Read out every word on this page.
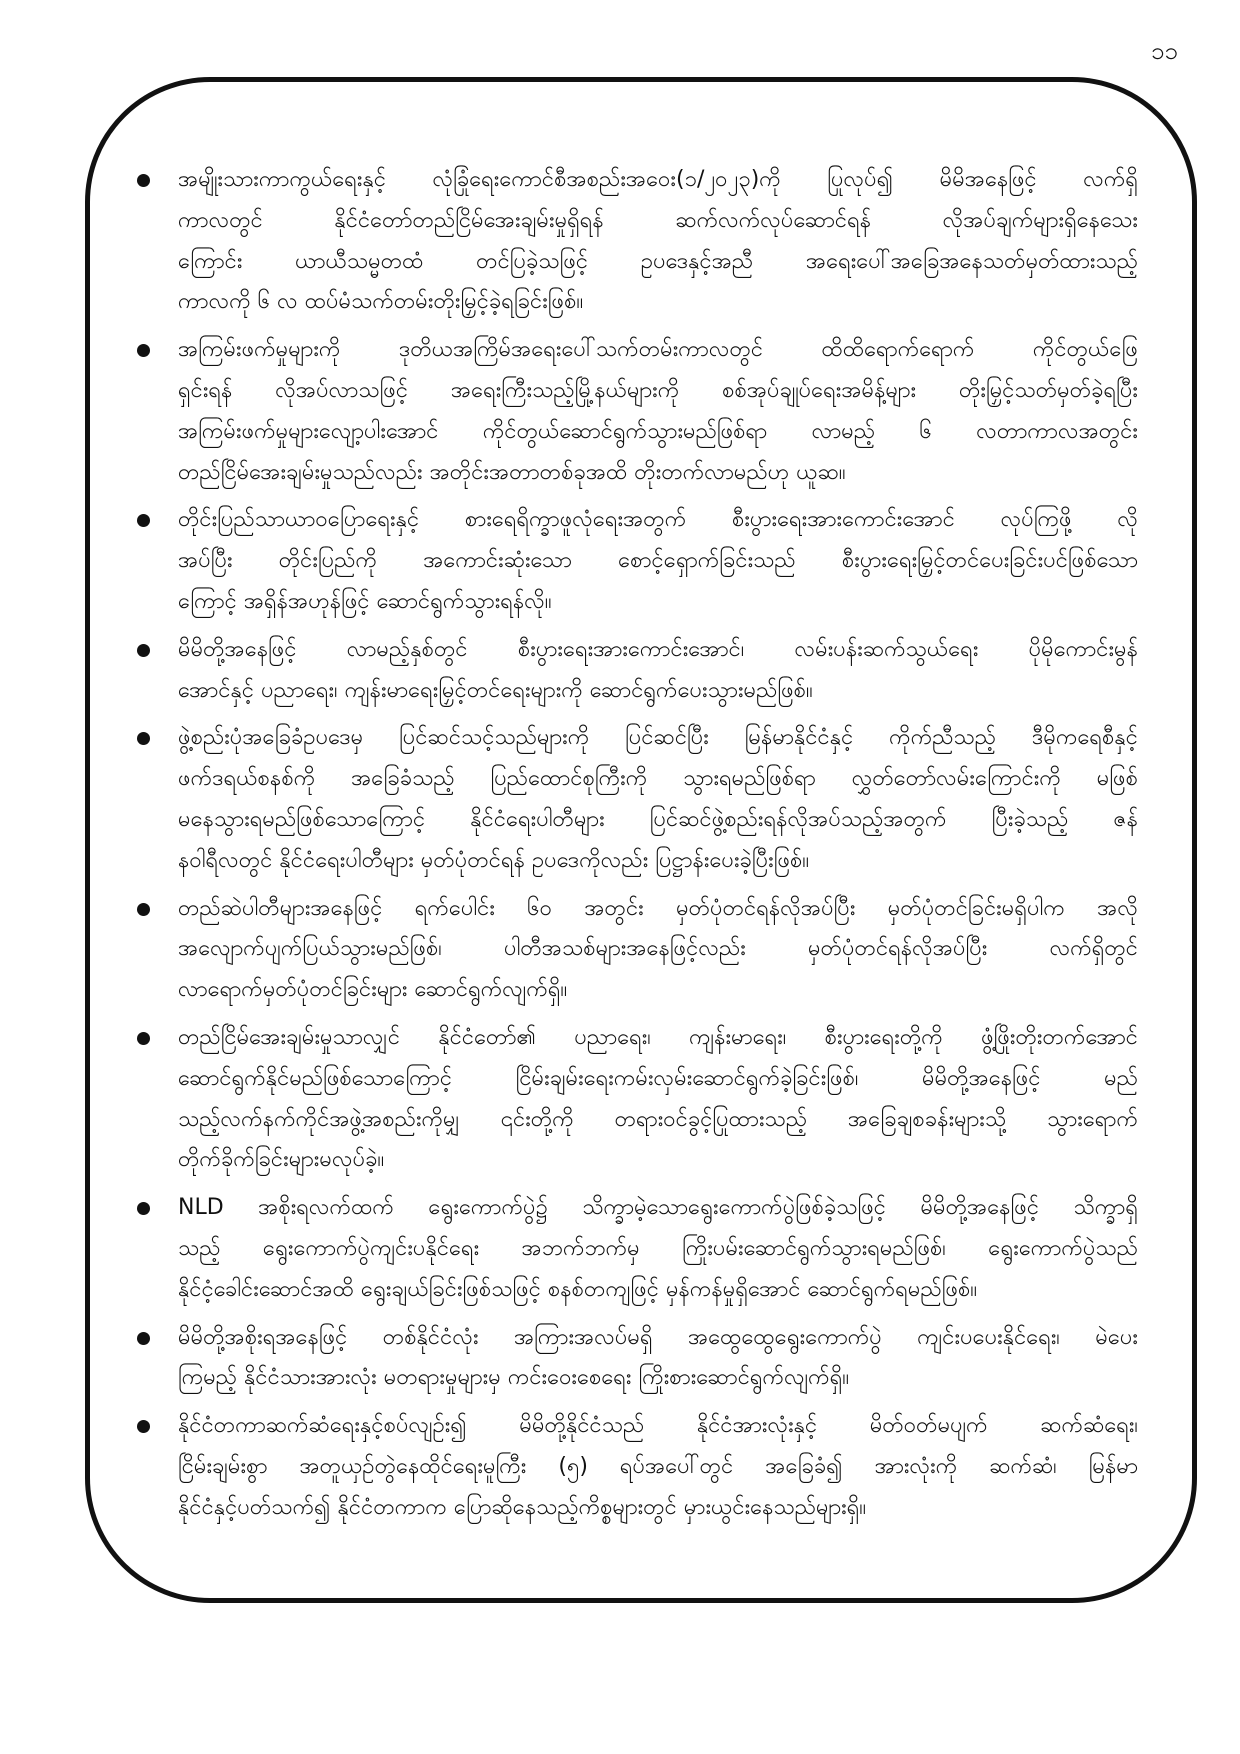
၁၁
အမျိုးသားကာကွယ်ရေးနှင့် လုံခြုံရေးကောင်စီအစည်းအဝေး(၁/၂၀၂၃)ကို ပြုလုပ်၍ မိမိအနေဖြင့် လက်ရှိ
ကာလတွင် နိုင်ငံတော်တည်ငြိမ်အေးချမ်းမှုရှိရန် ဆက်လက်လုပ်ဆောင်ရန် လိုအပ်ချက်များရှိနေသေး
ကြောင်း ယာယီသမ္မတထံ တင်ပြခဲ့သဖြင့် ဥပဒေနှင့်အညီ အရေးပေါ်အခြေအနေသတ်မှတ်ထားသည့်
ကာလကို ၆ လ ထပ်မံသက်တမ်းတိုးမြှင့်ခဲ့ရခြင်းဖြစ်။
အကြမ်းဖက်မှုများကို ဒုတိယအကြိမ်အရေးပေါ်သက်တမ်းကာလတွင် ထိထိရောက်ရောက် ကိုင်တွယ်ဖြေ
ရှင်းရန် လိုအပ်လာသဖြင့် အရေးကြီးသည့်မြို့နယ်များကို စစ်အုပ်ချုပ်ရေးအမိန့်များ တိုးမြှင့်သတ်မှတ်ခဲ့ရပြီး
အကြမ်းဖက်မှုများလျော့ပါးအောင် ကိုင်တွယ်ဆောင်ရွက်သွားမည်ဖြစ်ရာ လာမည့် ၆ လတာကာလအတွင်း
တည်ငြိမ်အေးချမ်းမှုသည်လည်း အတိုင်းအတာတစ်ခုအထိ တိုးတက်လာမည်ဟု ယူဆ။
တိုင်းပြည်သာယာဝပြောရေးနှင့် စားရေရိက္ခာဖူလုံရေးအတွက် စီးပွားရေးအားကောင်းအောင် လုပ်ကြဖို့ လို
အပ်ပြီး တိုင်းပြည်ကို အကောင်းဆုံးသော စောင့်ရှောက်ခြင်းသည် စီးပွားရေးမြှင့်တင်ပေးခြင်းပင်ဖြစ်သော
ကြောင့် အရှိန်အဟုန်ဖြင့် ဆောင်ရွက်သွားရန်လို။
မိမိတို့အနေဖြင့် လာမည့်နှစ်တွင် စီးပွားရေးအားကောင်းအောင်၊ လမ်းပန်းဆက်သွယ်ရေး ပိုမိုကောင်းမွန်
အောင်နှင့် ပညာရေး၊ ကျန်းမာရေးမြှင့်တင်ရေးများကို ဆောင်ရွက်ပေးသွားမည်ဖြစ်။
ဖွဲ့စည်းပုံအခြေခံဥပဒေမှ ပြင်ဆင်သင့်သည်များကို ပြင်ဆင်ပြီး မြန်မာနိုင်ငံနှင့် ကိုက်ညီသည့် ဒီမိုကရေစီနှင့်
ဖက်ဒရယ်စနစ်ကို အခြေခံသည့် ပြည်ထောင်စုကြီးကို သွားရမည်ဖြစ်ရာ လွှတ်တော်လမ်းကြောင်းကို မဖြစ်
မနေသွားရမည်ဖြစ်သောကြောင့် နိုင်ငံရေးပါတီများ ပြင်ဆင်ဖွဲ့စည်းရန်လိုအပ်သည့်အတွက် ပြီးခဲ့သည့် ဇန်
နဝါရီလတွင် နိုင်ငံရေးပါတီများ မှတ်ပုံတင်ရန် ဥပဒေကိုလည်း ပြဋ္ဌာန်းပေးခဲ့ပြီးဖြစ်။
တည်ဆဲပါတီများအနေဖြင့် ရက်ပေါင်း ၆၀ အတွင်း မှတ်ပုံတင်ရန်လိုအပ်ပြီး မှတ်ပုံတင်ခြင်းမရှိပါက အလို
အလျောက်ပျက်ပြယ်သွားမည်ဖြစ်၊ ပါတီအသစ်များအနေဖြင့်လည်း မှတ်ပုံတင်ရန်လိုအပ်ပြီး လက်ရှိတွင်
လာရောက်မှတ်ပုံတင်ခြင်းများ ဆောင်ရွက်လျက်ရှိ။
တည်ငြိမ်အေးချမ်းမှုသာလျှင် နိုင်ငံတော်၏ ပညာရေး၊ ကျန်းမာရေး၊ စီးပွားရေးတို့ကို ဖွံ့ဖြိုးတိုးတက်အောင်
ဆောင်ရွက်နိုင်မည်ဖြစ်သောကြောင့် ငြိမ်းချမ်းရေးကမ်းလှမ်းဆောင်ရွက်ခဲ့ခြင်းဖြစ်၊ မိမိတို့အနေဖြင့် မည်
သည့်လက်နက်ကိုင်အဖွဲ့အစည်းကိုမျှ ၎င်းတို့ကို တရားဝင်ခွင့်ပြုထားသည့် အခြေချစခန်းများသို့ သွားရောက်
တိုက်ခိုက်ခြင်းများမလုပ်ခဲ့။
NLD အစိုးရလက်ထက် ရွေးကောက်ပွဲ၌ သိက္ခာမဲ့သောရွေးကောက်ပွဲဖြစ်ခဲ့သဖြင့် မိမိတို့အနေဖြင့် သိက္ခာရှိ
သည့် ရွေးကောက်ပွဲကျင်းပနိုင်ရေး အဘက်ဘက်မှ ကြိုးပမ်းဆောင်ရွက်သွားရမည်ဖြစ်၊ ရွေးကောက်ပွဲသည်
နိုင်ငံ့ခေါင်းဆောင်အထိ ရွေးချယ်ခြင်းဖြစ်သဖြင့် စနစ်တကျဖြင့် မှန်ကန်မှုရှိအောင် ဆောင်ရွက်ရမည်ဖြစ်။
မိမိတို့အစိုးရအနေဖြင့် တစ်နိုင်ငံလုံး အကြားအလပ်မရှိ အထွေထွေရွေးကောက်ပွဲ ကျင်းပပေးနိုင်ရေး၊ မဲပေး
ကြမည့် နိုင်ငံသားအားလုံး မတရားမှုများမှ ကင်းဝေးစေရေး ကြိုးစားဆောင်ရွက်လျက်ရှိ။
နိုင်ငံတကာဆက်ဆံရေးနှင့်စပ်လျဉ်း၍ မိမိတို့နိုင်ငံသည် နိုင်ငံအားလုံးနှင့် မိတ်ဝတ်မပျက် ဆက်ဆံရေး၊
ငြိမ်းချမ်းစွာ အတူယှဉ်တွဲနေထိုင်ရေးမူကြီး (၅) ရပ်အပေါ်တွင် အခြေခံ၍ အားလုံးကို ဆက်ဆံ၊ မြန်မာ
နိုင်ငံနှင့်ပတ်သက်၍ နိုင်ငံတကာက ပြောဆိုနေသည့်ကိစ္စများတွင် မှားယွင်းနေသည်များရှိ။
